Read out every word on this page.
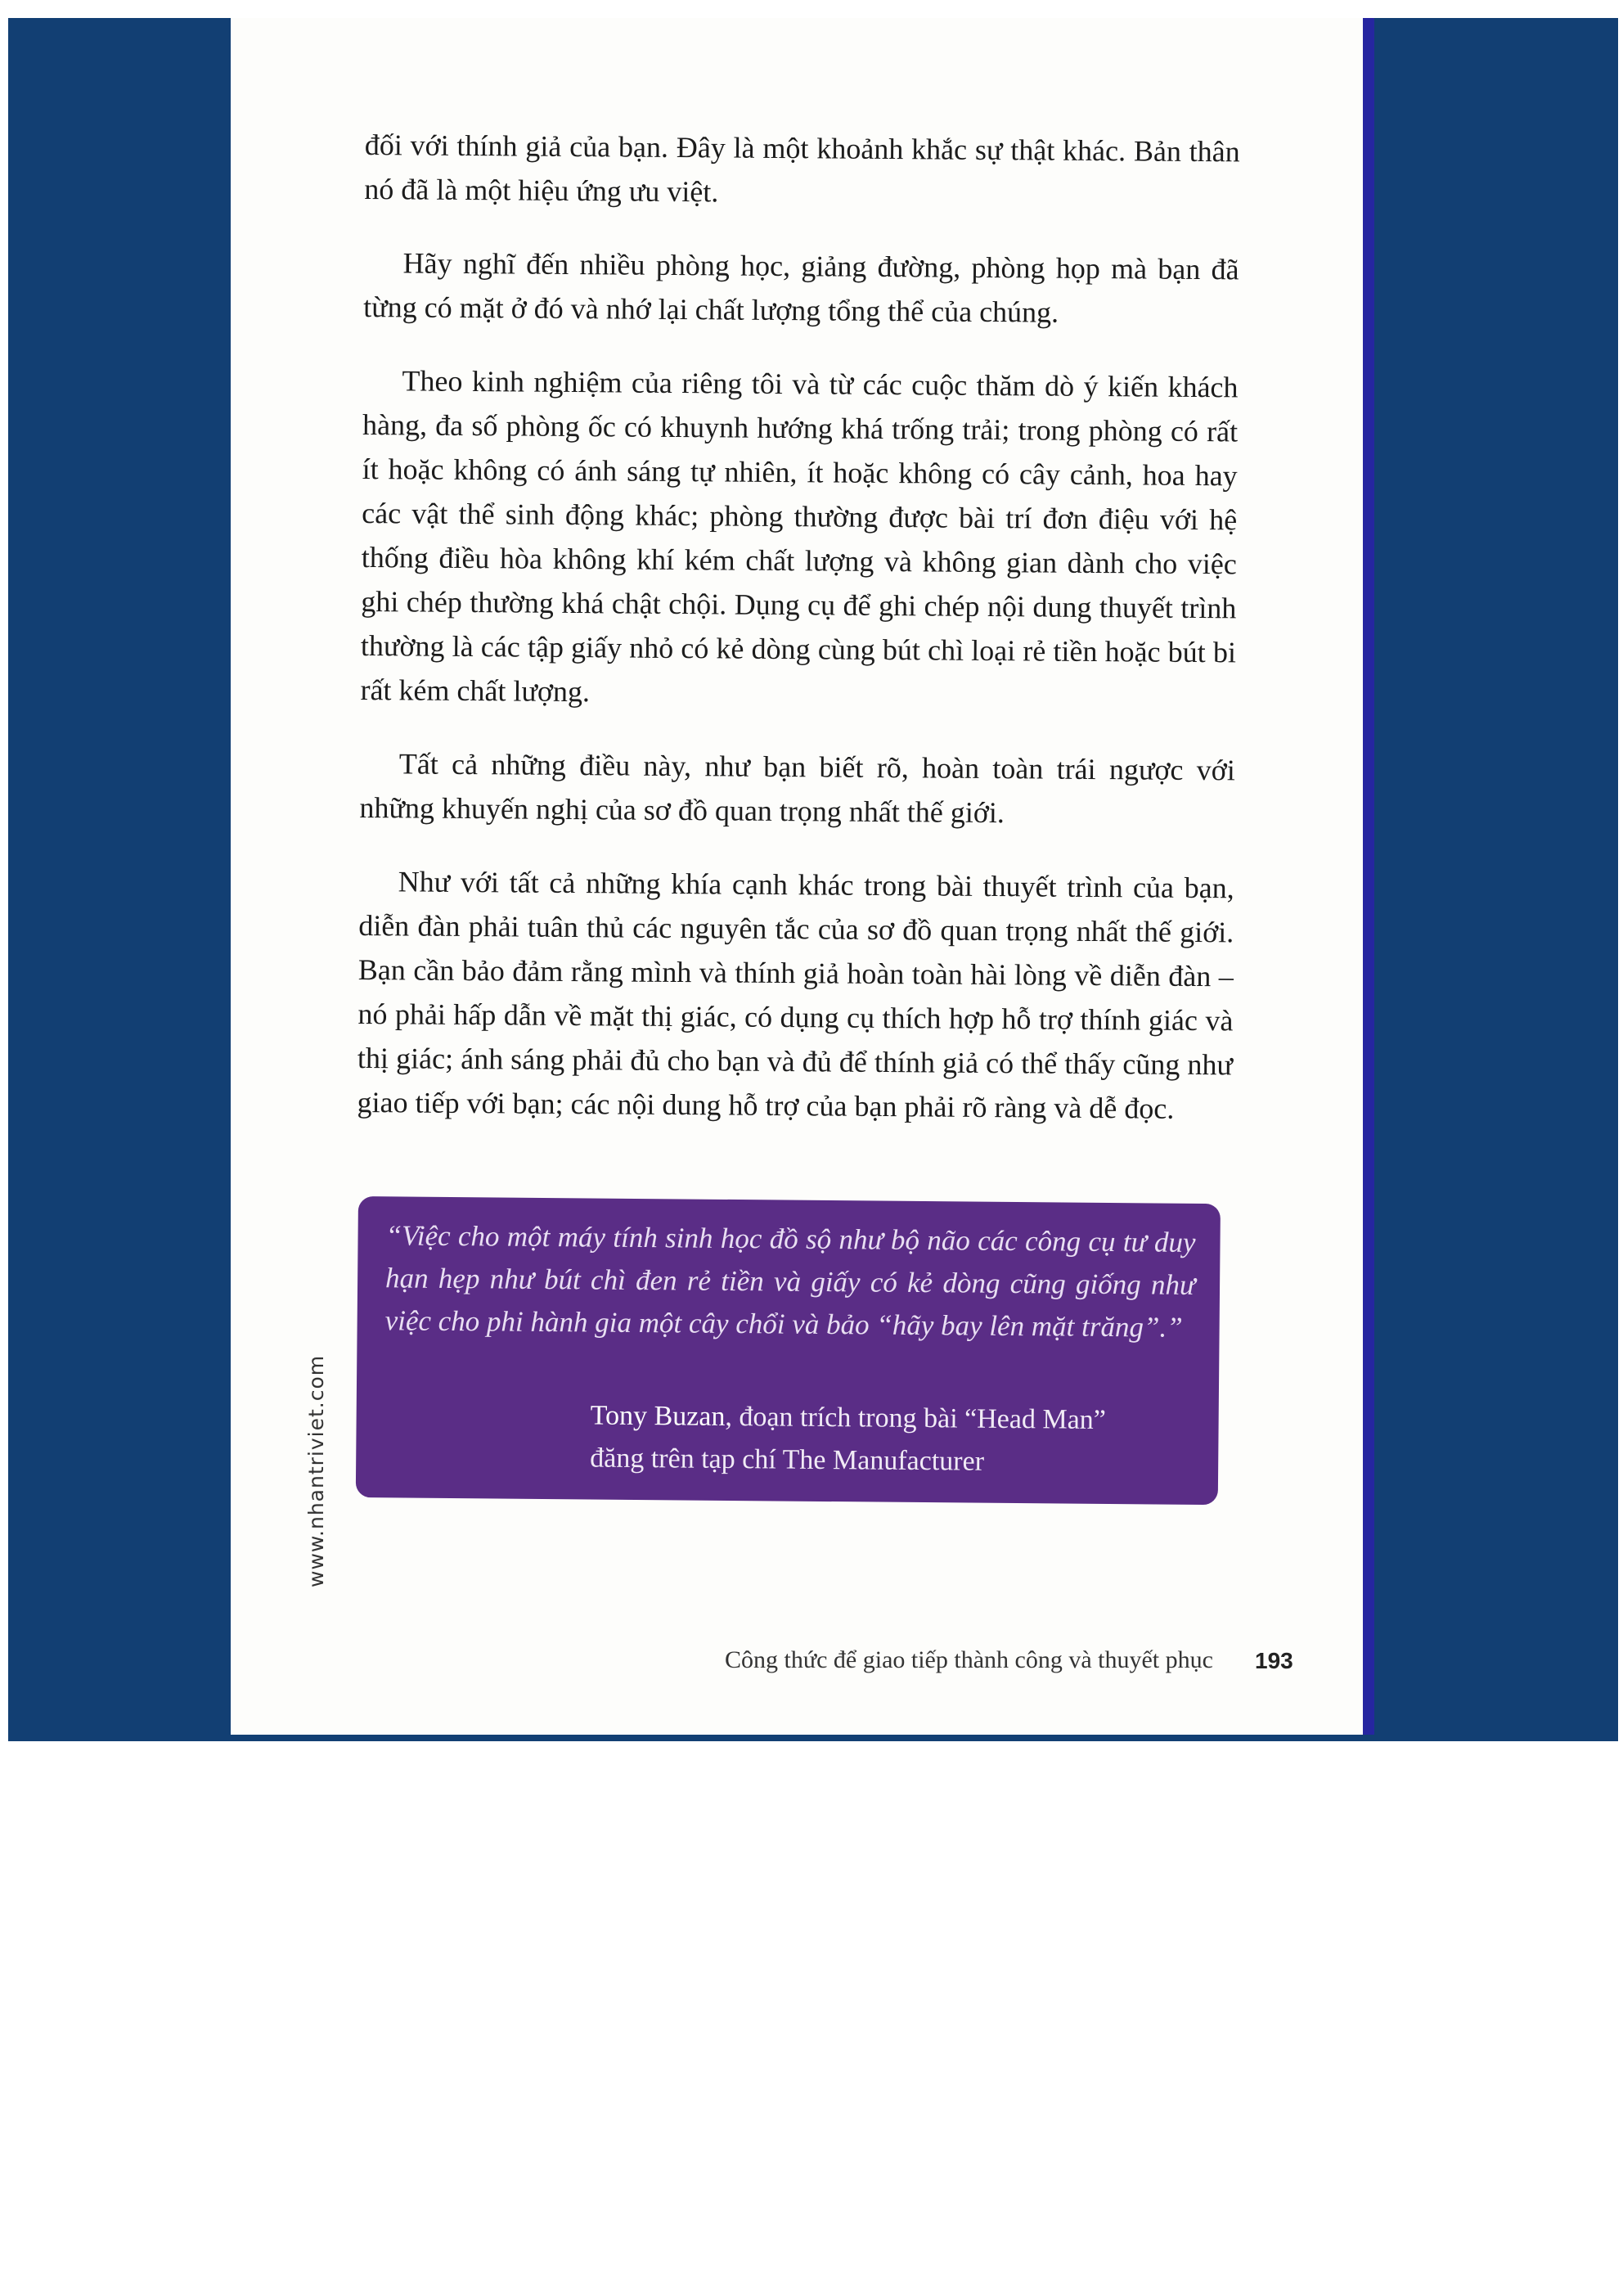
đối với thính giả của bạn. Đây là một khoảnh khắc sự thật khác. Bản thân nó đã là một hiệu ứng ưu việt.

Hãy nghĩ đến nhiều phòng học, giảng đường, phòng họp mà bạn đã từng có mặt ở đó và nhớ lại chất lượng tổng thể của chúng.

Theo kinh nghiệm của riêng tôi và từ các cuộc thăm dò ý kiến khách hàng, đa số phòng ốc có khuynh hướng khá trống trải; trong phòng có rất ít hoặc không có ánh sáng tự nhiên, ít hoặc không có cây cảnh, hoa hay các vật thể sinh động khác; phòng thường được bài trí đơn điệu với hệ thống điều hòa không khí kém chất lượng và không gian dành cho việc ghi chép thường khá chật chội. Dụng cụ để ghi chép nội dung thuyết trình thường là các tập giấy nhỏ có kẻ dòng cùng bút chì loại rẻ tiền hoặc bút bi rất kém chất lượng.

Tất cả những điều này, như bạn biết rõ, hoàn toàn trái ngược với những khuyến nghị của sơ đồ quan trọng nhất thế giới.

Như với tất cả những khía cạnh khác trong bài thuyết trình của bạn, diễn đàn phải tuân thủ các nguyên tắc của sơ đồ quan trọng nhất thế giới. Bạn cần bảo đảm rằng mình và thính giả hoàn toàn hài lòng về diễn đàn – nó phải hấp dẫn về mặt thị giác, có dụng cụ thích hợp hỗ trợ thính giác và thị giác; ánh sáng phải đủ cho bạn và đủ để thính giả có thể thấy cũng như giao tiếp với bạn; các nội dung hỗ trợ của bạn phải rõ ràng và dễ đọc.

“Việc cho một máy tính sinh học đồ sộ như bộ não các công cụ tư duy hạn hẹp như bút chì đen rẻ tiền và giấy có kẻ dòng cũng giống như việc cho phi hành gia một cây chổi và bảo “hãy bay lên mặt trăng”.”
Tony Buzan, đoạn trích trong bài “Head Man”
đăng trên tạp chí The Manufacturer
www.nhantriviet.com
Công thức để giao tiếp thành công và thuyết phục 193
